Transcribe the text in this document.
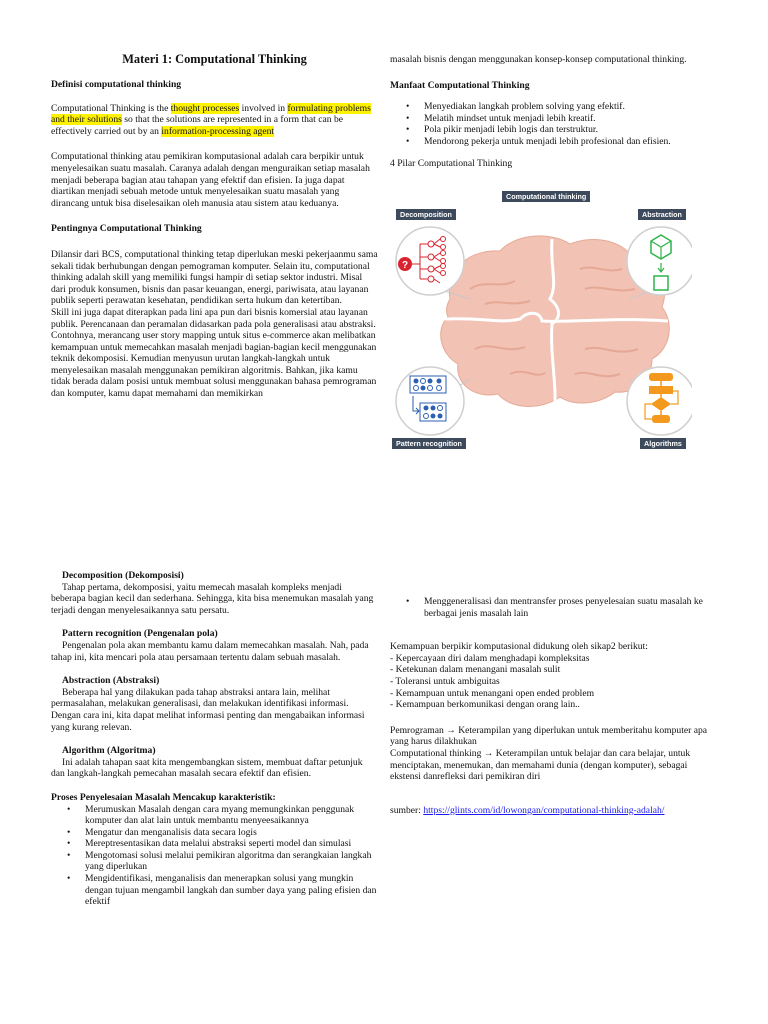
Materi 1: Computational Thinking

Definisi computational thinking

Computational Thinking is the thought processes involved in formulating problems and their solutions so that the solutions are represented in a form that can be effectively carried out by an information-processing agent

Computational thinking atau pemikiran komputasional adalah cara berpikir untuk menyelesaikan suatu masalah. Caranya adalah dengan menguraikan setiap masalah menjadi beberapa bagian atau tahapan yang efektif dan efisien. Ia juga dapat diartikan menjadi sebuah metode untuk menyelesaikan suatu masalah yang dirancang untuk bisa diselesaikan oleh manusia atau sistem atau keduanya.

Pentingnya Computational Thinking

Dilansir dari BCS, computational thinking tetap diperlukan meski pekerjaanmu sama sekali tidak berhubungan dengan pemograman komputer. Selain itu, computational thinking adalah skill yang memiliki fungsi hampir di setiap sektor industri. Misal dari produk konsumen, bisnis dan pasar keuangan, energi, pariwisata, atau layanan publik seperti perawatan kesehatan, pendidikan serta hukum dan ketertiban.

Skill ini juga dapat diterapkan pada lini apa pun dari bisnis komersial atau layanan publik. Perencanaan dan peramalan didasarkan pada pola generalisasi atau abstraksi. Contohnya, merancang user story mapping untuk situs e-commerce akan melibatkan kemampuan untuk memecahkan masalah menjadi bagian-bagian kecil menggunakan teknik dekomposisi. Kemudian menyusun urutan langkah-langkah untuk menyelesaikan masalah menggunakan pemikiran algoritmis. Bahkan, jika kamu tidak berada dalam posisi untuk membuat solusi menggunakan bahasa pemrograman dan komputer, kamu dapat memahami dan memikirkan

masalah bisnis dengan menggunakan konsep-konsep computational thinking.

Manfaat Computational Thinking

• Menyediakan langkah problem solving yang efektif.
• Melatih mindset untuk menjadi lebih kreatif.
• Pola pikir menjadi lebih logis dan terstruktur.
• Mendorong pekerja untuk menjadi lebih profesional dan efisien.

4 Pilar Computational Thinking

?
Computational thinking
Decomposition	Abstraction
Pattern recognition	Algorithms

Decomposition (Dekomposisi)

Tahap pertama, dekomposisi, yaitu memecah masalah kompleks menjadi beberapa bagian kecil dan sederhana. Sehingga, kita bisa menemukan masalah yang terjadi dengan menyelesaikannya satu persatu.

Pattern recognition (Pengenalan pola)

Pengenalan pola akan membantu kamu dalam memecahkan masalah. Nah, pada tahap ini, kita mencari pola atau persamaan tertentu dalam sebuah masalah.

Abstraction (Abstraksi)

Beberapa hal yang dilakukan pada tahap abstraksi antara lain, melihat permasalahan, melakukan generalisasi, dan melakukan identifikasi informasi. Dengan cara ini, kita dapat melihat informasi penting dan mengabaikan informasi yang kurang relevan.

Algorithm (Algoritma)

Ini adalah tahapan saat kita mengembangkan sistem, membuat daftar petunjuk dan langkah-langkah pemecahan masalah secara efektif dan efisien.

Proses Penyelesaian Masalah Mencakup karakteristik:

• Merumuskan Masalah dengan cara myang memungkinkan penggunak komputer dan alat lain untuk membantu menyeesaikannya
• Mengatur dan menganalisis data secara logis
• Mereptresentasikan data melalui abstraksi seperti model dan simulasi
• Mengotomasi solusi melalui pemikiran algoritma dan serangkaian langkah yang diperlukan
• Mengidentifikasi, menganalisis dan menerapkan solusi yang mungkin dengan tujuan mengambil langkah dan sumber daya yang paling efisien dan efektif
• Menggeneralisasi dan mentransfer proses penyelesaian suatu masalah ke berbagai jenis masalah lain

Kemampuan berpikir komputasional didukung oleh sikap2 berikut:

- Kepercayaan diri dalam menghadapi kompleksitas

- Ketekunan dalam menangani masalah sulit

- Toleransi untuk ambiguitas

- Kemampuan untuk menangani open ended problem

- Kemampuan berkomunikasi dengan orang lain..

Pemrograman → Keterampilan yang diperlukan untuk memberitahu komputer apa yang harus dilakhukan

Computational thinking → Keterampilan untuk belajar dan cara belajar, untuk menciptakan, menemukan, dan memahami dunia (dengan komputer), sebagai ekstensi danrefleksi dari pemikiran diri

sumber: https://glints.com/id/lowongan/computational-thinking-adalah/
